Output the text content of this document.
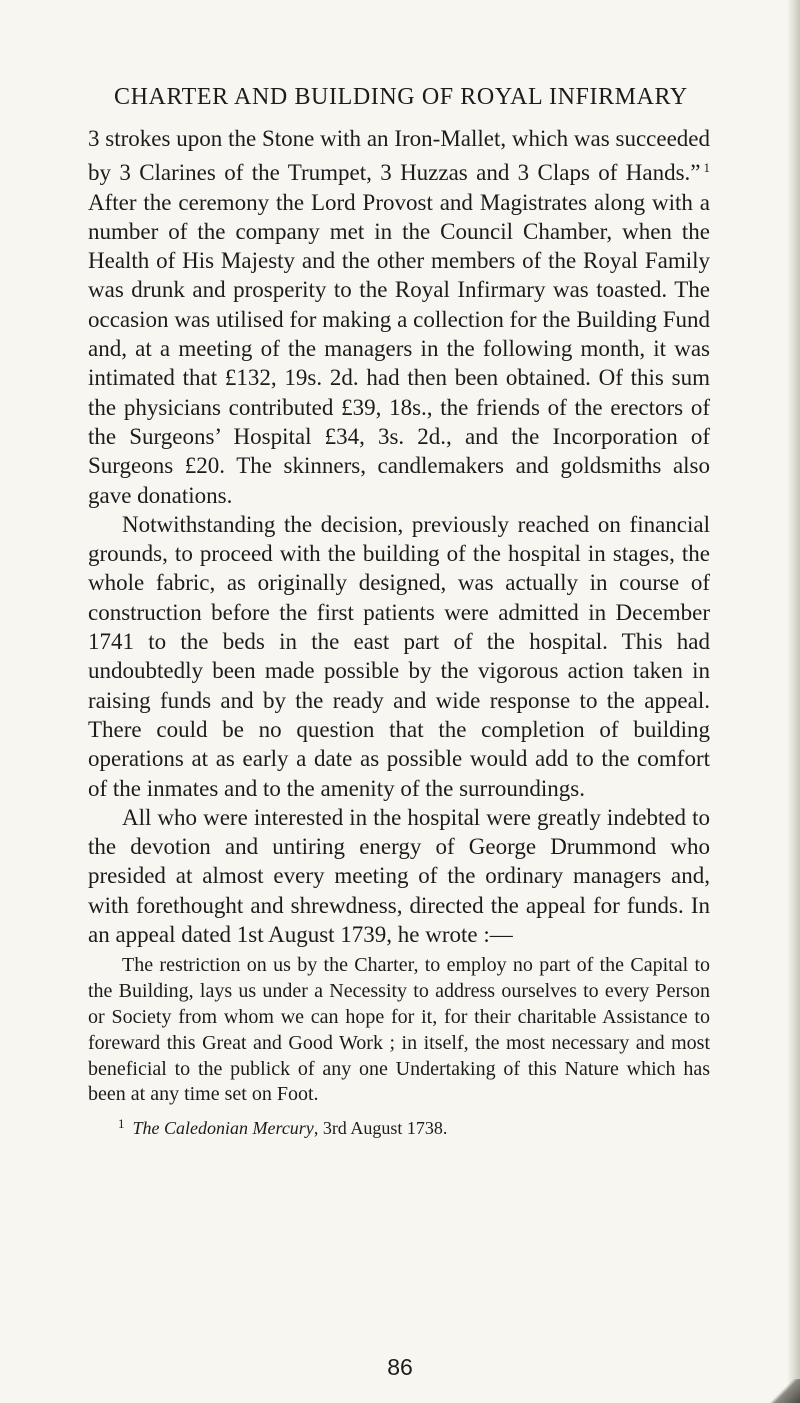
CHARTER AND BUILDING OF ROYAL INFIRMARY

3 strokes upon the Stone with an Iron-Mallet, which was succeeded by 3 Clarines of the Trumpet, 3 Huzzas and 3 Claps of Hands.” $^1$ After the ceremony the Lord Provost and Magistrates along with a number of the company met in the Council Chamber, when the Health of His Majesty and the other members of the Royal Family was drunk and prosperity to the Royal Infirmary was toasted. The occasion was utilised for making a collection for the Building Fund and, at a meeting of the managers in the following month, it was intimated that £132, 19s. 2d. had then been obtained. Of this sum the physicians contributed £39, 18s., the friends of the erectors of the Surgeons’ Hospital £34, 3s. 2d., and the Incorporation of Surgeons £20. The skinners, candlemakers and goldsmiths also gave donations.

Notwithstanding the decision, previously reached on financial grounds, to proceed with the building of the hospital in stages, the whole fabric, as originally designed, was actually in course of construction before the first patients were admitted in December 1741 to the beds in the east part of the hospital. This had undoubtedly been made possible by the vigorous action taken in raising funds and by the ready and wide response to the appeal. There could be no question that the completion of building operations at as early a date as possible would add to the comfort of the inmates and to the amenity of the surroundings.

All who were interested in the hospital were greatly indebted to the devotion and untiring energy of George Drummond who presided at almost every meeting of the ordinary managers and, with forethought and shrewdness, directed the appeal for funds. In an appeal dated 1st August 1739, he wrote :—

The restriction on us by the Charter, to employ no part of the Capital to the Building, lays us under a Necessity to address ourselves to every Person or Society from whom we can hope for it, for their charitable Assistance to foreward this Great and Good Work ; in itself, the most necessary and most beneficial to the publick of any one Undertaking of this Nature which has been at any time set on Foot.

$^1$ The Caledonian Mercury, 3rd August 1738.
86
